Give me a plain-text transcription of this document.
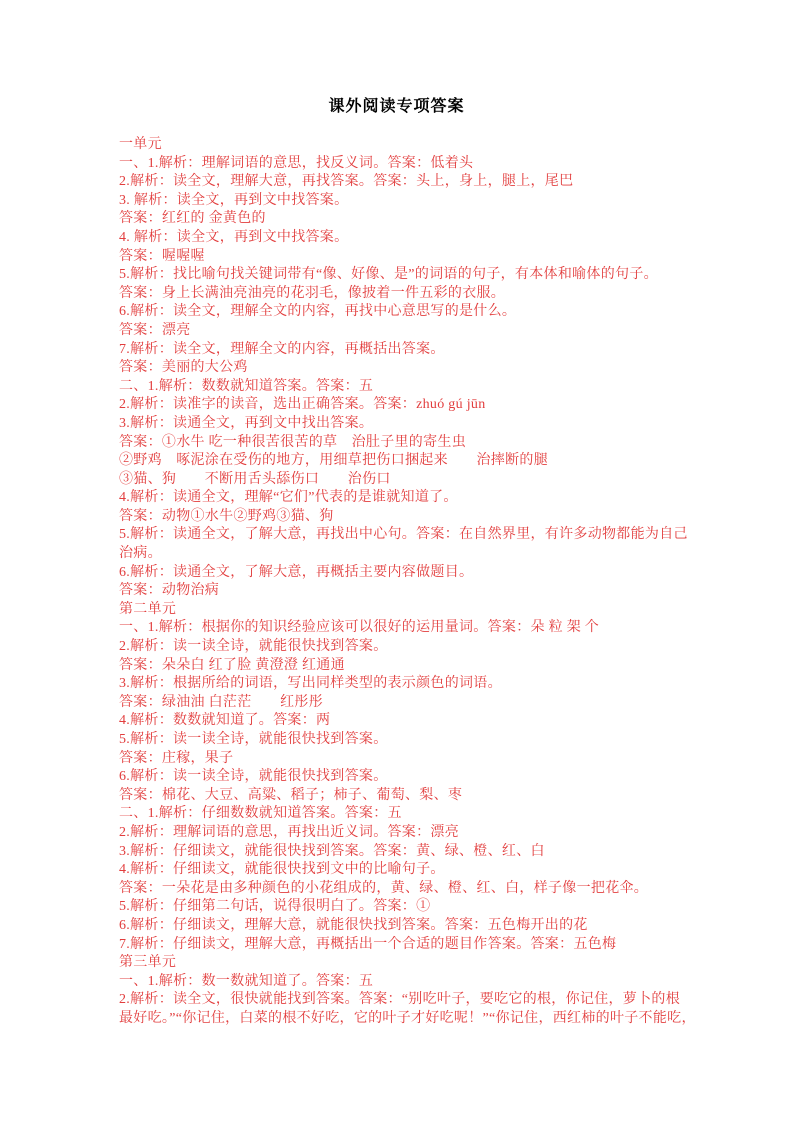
课外阅读专项答案
一单元
一、1.解析：理解词语的意思，找反义词。答案：低着头
2.解析：读全文，理解大意，再找答案。答案：头上，身上，腿上，尾巴
3. 解析：读全文，再到文中找答案。
答案：红红的 金黄色的
4. 解析：读全文，再到文中找答案。
答案：喔喔喔
5.解析：找比喻句找关键词带有“像、好像、是”的词语的句子，有本体和喻体的句子。
答案：身上长满油亮油亮的花羽毛，像披着一件五彩的衣服。
6.解析：读全文，理解全文的内容，再找中心意思写的是什么。
答案：漂亮
7.解析：读全文，理解全文的内容，再概括出答案。
答案：美丽的大公鸡
二、1.解析：数数就知道答案。答案：五
2.解析：读准字的读音，选出正确答案。答案：zhuó gú jūn
3.解析：读通全文，再到文中找出答案。
答案：①水牛 吃一种很苦很苦的草　治肚子里的寄生虫
②野鸡　啄泥涂在受伤的地方，用细草把伤口捆起来　　治摔断的腿
③猫、狗　　不断用舌头舔伤口　　治伤口
4.解析：读通全文，理解“它们”代表的是谁就知道了。
答案：动物①水牛②野鸡③猫、狗
5.解析：读通全文，了解大意，再找出中心句。答案：在自然界里，有许多动物都能为自己
治病。
6.解析：读通全文，了解大意，再概括主要内容做题目。
答案：动物治病
第二单元
一、1.解析：根据你的知识经验应该可以很好的运用量词。答案：朵 粒 架 个
2.解析：读一读全诗，就能很快找到答案。
答案：朵朵白 红了脸 黄澄澄 红通通
3.解析：根据所给的词语，写出同样类型的表示颜色的词语。
答案：绿油油 白茫茫　　红彤彤
4.解析：数数就知道了。答案：两
5.解析：读一读全诗，就能很快找到答案。
答案：庄稼，果子
6.解析：读一读全诗，就能很快找到答案。
答案：棉花、大豆、高粱、稻子；柿子、葡萄、梨、枣
二、1.解析：仔细数数就知道答案。答案：五
2.解析：理解词语的意思，再找出近义词。答案：漂亮
3.解析：仔细读文，就能很快找到答案。答案：黄、绿、橙、红、白
4.解析：仔细读文，就能很快找到文中的比喻句子。
答案：一朵花是由多种颜色的小花组成的，黄、绿、橙、红、白，样子像一把花伞。
5.解析：仔细第二句话，说得很明白了。答案：①
6.解析：仔细读文，理解大意，就能很快找到答案。答案：五色梅开出的花
7.解析：仔细读文，理解大意，再概括出一个合适的题目作答案。答案：五色梅
第三单元
一、1.解析：数一数就知道了。答案：五
2.解析：读全文，很快就能找到答案。答案：“别吃叶子，要吃它的根，你记住，萝卜的根
最好吃。”“你记住，白菜的根不好吃，它的叶子才好吃呢！”“你记住，西红柿的叶子不能吃，
